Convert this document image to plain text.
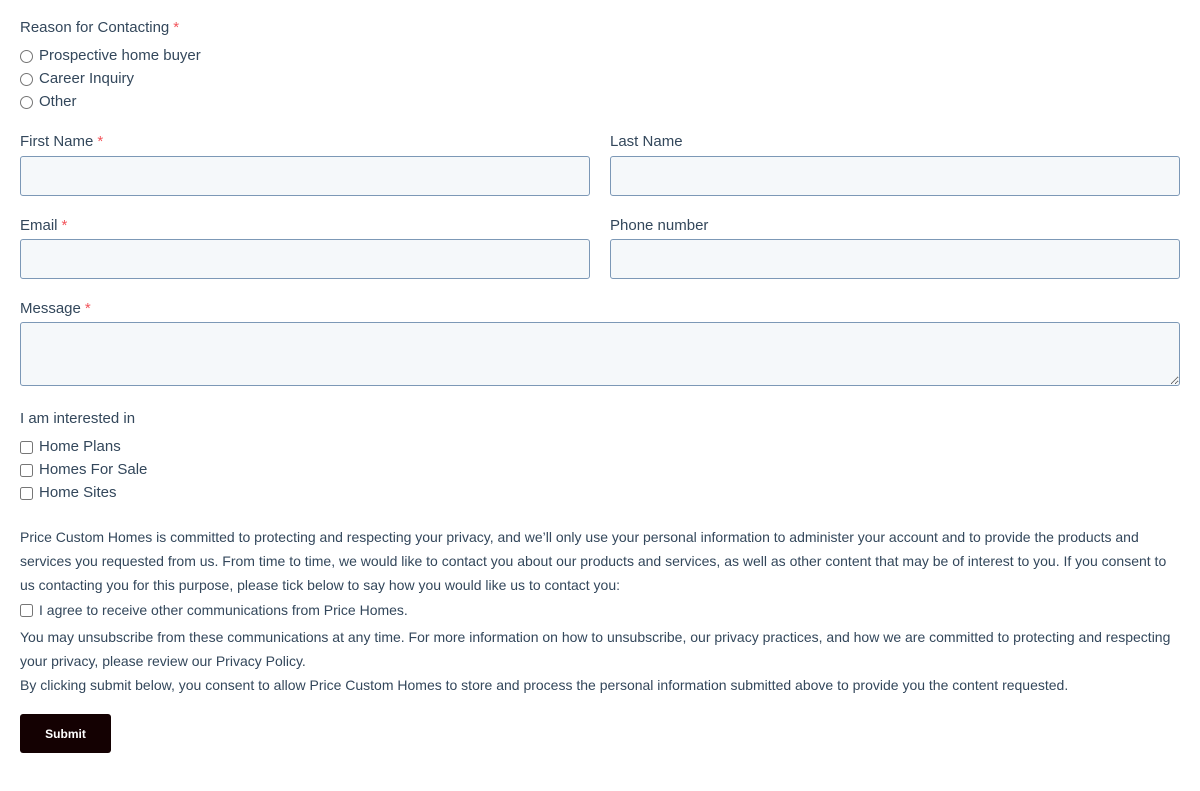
Reason for Contacting *
Prospective home buyer
Career Inquiry
Other
First Name *	Last Name
Email *	Phone number
Message *
I am interested in
Home Plans
Homes For Sale
Home Sites

Price Custom Homes is committed to protecting and respecting your privacy, and we’ll only use your personal information to administer your account and to provide the products and services you requested from us. From time to time, we would like to contact you about our products and services, as well as other content that may be of interest to you. If you consent to us contacting you for this purpose, please tick below to say how you would like us to contact you:

I agree to receive other communications from Price Homes.

You may unsubscribe from these communications at any time. For more information on how to unsubscribe, our privacy practices, and how we are committed to protecting and respecting your privacy, please review our Privacy Policy.

By clicking submit below, you consent to allow Price Custom Homes to store and process the personal information submitted above to provide you the content requested.

Submit
